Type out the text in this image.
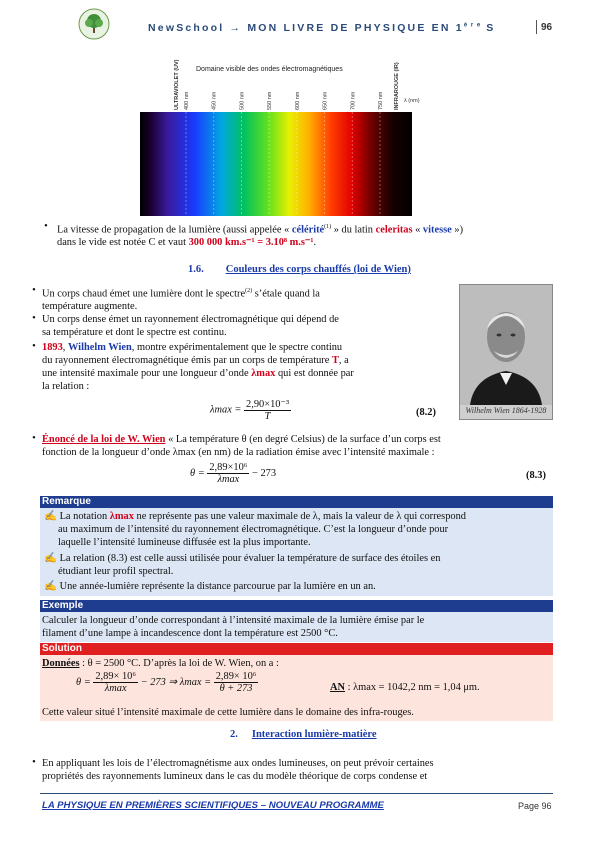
NewSchool → MON LIVRE DE PHYSIQUE EN $1^{è r e}$ S	96
Domaine visible des ondes électromagnétiques
ULTRAVIOLET (UV)	INFRAROUGE (IR) λ (nm)
400 nm	450 nm	500 nm	550 nm	600 nm	650 nm	700 nm	750 nm
• La vitesse de propagation de la lumière (aussi appelée « célérité$^{(1)}$ » du latin celeritas « vitesse »)
dans le vide est notée C et vaut 300 000 km.s⁻¹ = 3.10⁸ m.s⁻¹.
1.6. Couleurs des corps chauffés (loi de Wien)
Wilhelm Wien 1864-1928
• Un corps chaud émet une lumière dont le spectre$^{(2)}$ s’étale quand la
température augmente.
• Un corps dense émet un rayonnement électromagnétique qui dépend de
sa température et dont le spectre est continu.
• 1893, Wilhelm Wien, montre expérimentalement que le spectre continu
du rayonnement électromagnétique émis par un corps de température T, a
une intensité maximale pour une longueur d’onde λmax qui est donnée par
la relation :
$\lambda\max = \frac{\text{2,90×10⁻³}}{T}$	(8.2)
• Énoncé de la loi de W. Wien « La température θ (en degré Celsius) de la surface d’un corps est
fonction de la longueur d’onde λmax (en nm) de la radiation émise avec l’intensité maximale :
$\theta = \frac{\text{2,89×10⁶}}{\lambda\max} - 273$	(8.3)
Remarque
✍ La notation λmax ne représente pas une valeur maximale de λ, mais la valeur de λ qui correspond
au maximum de l’intensité du rayonnement électromagnétique. C’est la longueur d’onde pour
laquelle l’intensité lumineuse diffusée est la plus importante.
✍ La relation (8.3) est celle aussi utilisée pour évaluer la température de surface des étoiles en
étudiant leur profil spectral.
✍ Une année-lumière représente la distance parcourue par la lumière en un an.
Exemple
Calculer la longueur d’onde correspondant à l’intensité maximale de la lumière émise par le
filament d’une lampe à incandescence dont la température est 2500 °C.
Solution
Données : θ = 2500 °C. D’après la loi de W. Wien, on a :
$\theta = \frac{\text{2,89× 10⁶}}{\lambda\max} - 273$ ⇒ $\lambda\max = \frac{\text{2,89× 10⁶}}{\theta + 273}$	AN : λmax = 1042,2 nm = 1,04 μm.
Cette valeur situé l’intensité maximale de cette lumière dans le domaine des infra-rouges.
2. Interaction lumière-matière
• En appliquant les lois de l’électromagnétisme aux ondes lumineuses, on peut prévoir certaines
propriétés des rayonnements lumineux dans le cas du modèle théorique de corps condense et
LA PHYSIQUE EN PREMIÈRES SCIENTIFIQUES – NOUVEAU PROGRAMME	Page 96
